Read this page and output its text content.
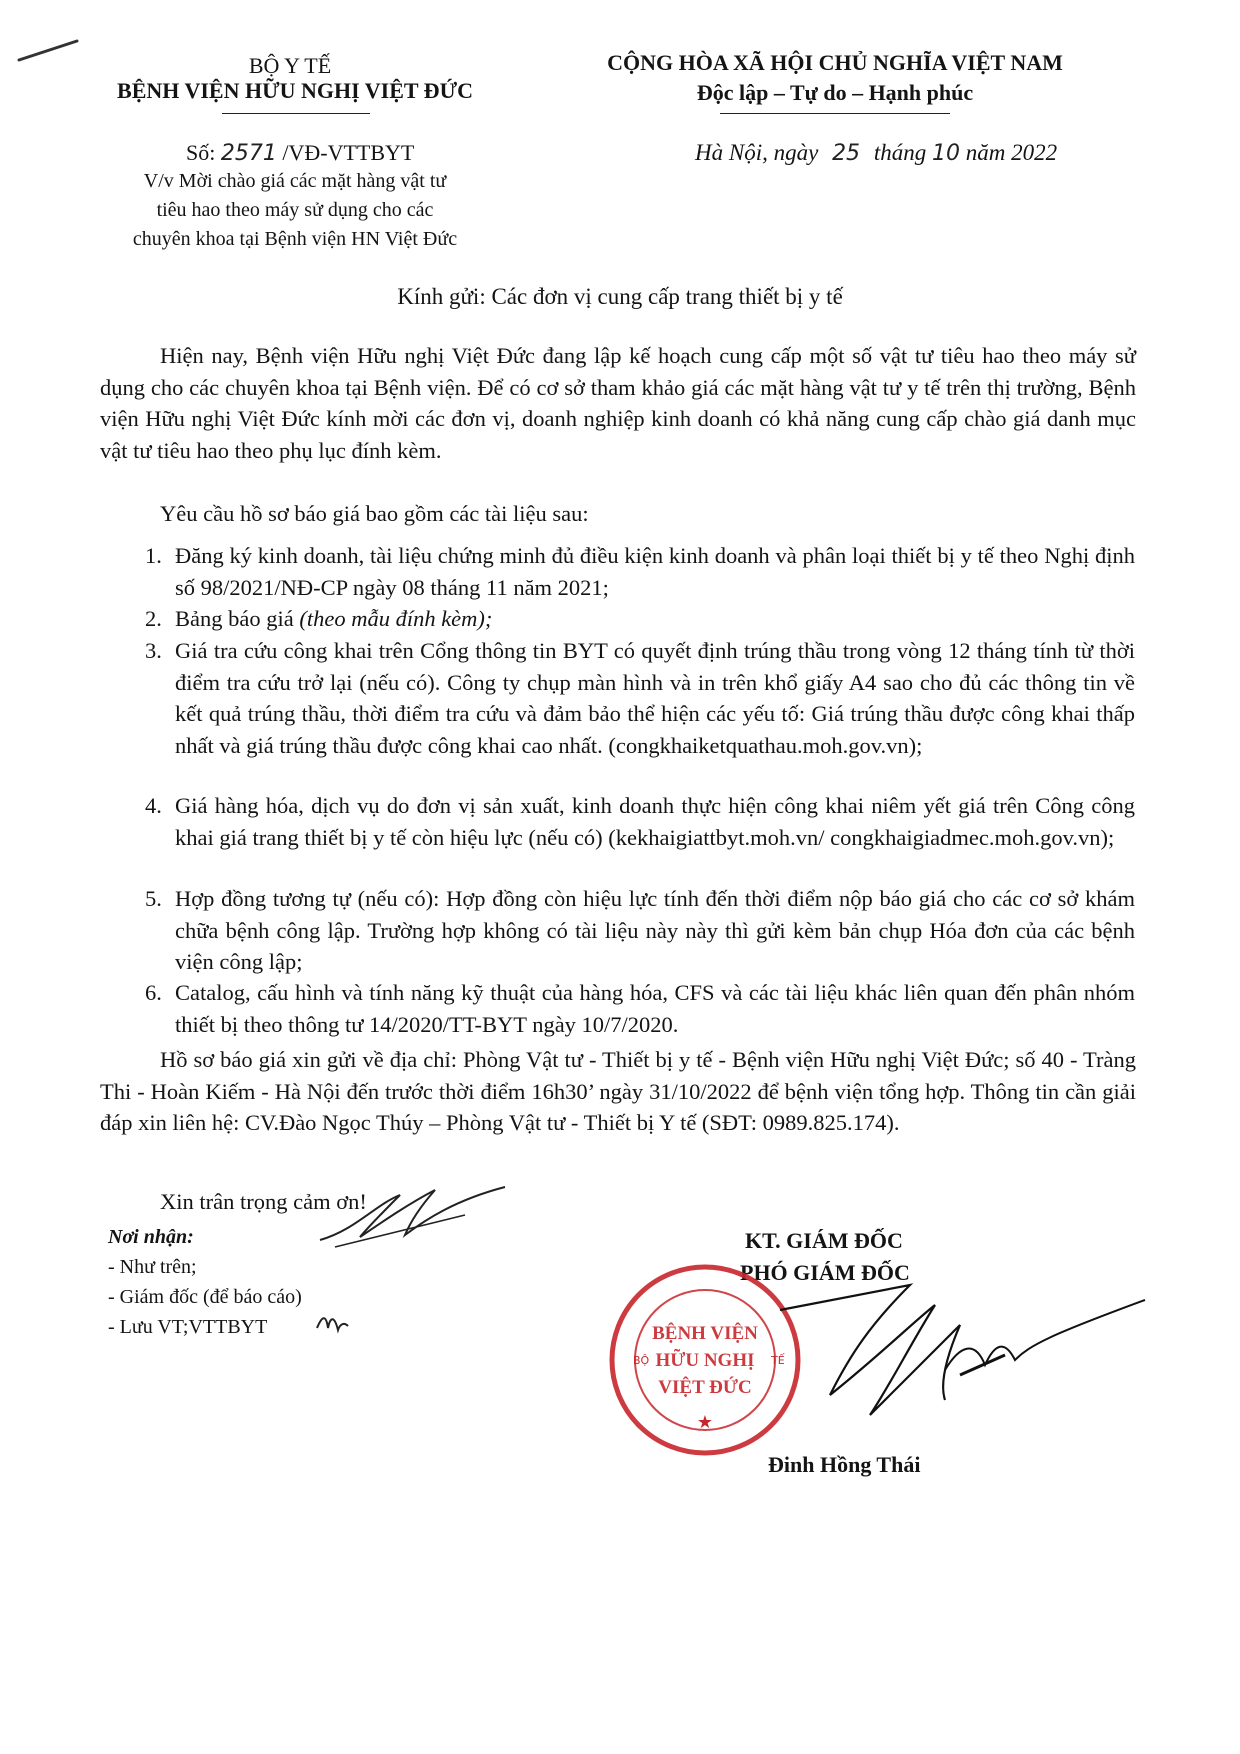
BỘ Y TẾ
BỆNH VIỆN HỮU NGHỊ VIỆT ĐỨC
Số: 2571 /VĐ-VTTBYT
V/v Mời chào giá các mặt hàng vật tư
tiêu hao theo máy sử dụng cho các
chuyên khoa tại Bệnh viện HN Việt Đức
CỘNG HÒA XÃ HỘI CHỦ NGHĨA VIỆT NAM
Độc lập – Tự do – Hạnh phúc
Hà Nội, ngày 25 tháng 10 năm 2022
Kính gửi: Các đơn vị cung cấp trang thiết bị y tế
Hiện nay, Bệnh viện Hữu nghị Việt Đức đang lập kế hoạch cung cấp một số vật tư tiêu hao theo máy sử dụng cho các chuyên khoa tại Bệnh viện. Để có cơ sở tham khảo giá các mặt hàng vật tư y tế trên thị trường, Bệnh viện Hữu nghị Việt Đức kính mời các đơn vị, doanh nghiệp kinh doanh có khả năng cung cấp chào giá danh mục vật tư tiêu hao theo phụ lục đính kèm.
Yêu cầu hồ sơ báo giá bao gồm các tài liệu sau:
1. Đăng ký kinh doanh, tài liệu chứng minh đủ điều kiện kinh doanh và phân loại thiết bị y tế theo Nghị định số 98/2021/NĐ-CP ngày 08 tháng 11 năm 2021;
2. Bảng báo giá (theo mẫu đính kèm);
3. Giá tra cứu công khai trên Cổng thông tin BYT có quyết định trúng thầu trong vòng 12 tháng tính từ thời điểm tra cứu trở lại (nếu có). Công ty chụp màn hình và in trên khổ giấy A4 sao cho đủ các thông tin về kết quả trúng thầu, thời điểm tra cứu và đảm bảo thể hiện các yếu tố: Giá trúng thầu được công khai thấp nhất và giá trúng thầu được công khai cao nhất. (congkhaiketquathau.moh.gov.vn);
4. Giá hàng hóa, dịch vụ do đơn vị sản xuất, kinh doanh thực hiện công khai niêm yết giá trên Công công khai giá trang thiết bị y tế còn hiệu lực (nếu có) (kekhaigiattbyt.moh.vn/ congkhaigiadmec.moh.gov.vn);
5. Hợp đồng tương tự (nếu có): Hợp đồng còn hiệu lực tính đến thời điểm nộp báo giá cho các cơ sở khám chữa bệnh công lập. Trường hợp không có tài liệu này này thì gửi kèm bản chụp Hóa đơn của các bệnh viện công lập;
6. Catalog, cấu hình và tính năng kỹ thuật của hàng hóa, CFS và các tài liệu khác liên quan đến phân nhóm thiết bị theo thông tư 14/2020/TT-BYT ngày 10/7/2020.
Hồ sơ báo giá xin gửi về địa chỉ: Phòng Vật tư - Thiết bị y tế - Bệnh viện Hữu nghị Việt Đức; số 40 - Tràng Thi - Hoàn Kiếm - Hà Nội đến trước thời điểm 16h30’ ngày 31/10/2022 để bệnh viện tổng hợp. Thông tin cần giải đáp xin liên hệ: CV.Đào Ngọc Thúy – Phòng Vật tư - Thiết bị Y tế (SĐT: 0989.825.174).
Xin trân trọng cảm ơn!
Nơi nhận:
- Như trên;
- Giám đốc (để báo cáo)
- Lưu VT;VTTBYT
KT. GIÁM ĐỐC
PHÓ GIÁM ĐỐC
Đinh Hồng Thái
★
BỘ	TẾ
BỆNH VIỆN
HỮU NGHỊ
VIỆT ĐỨC
